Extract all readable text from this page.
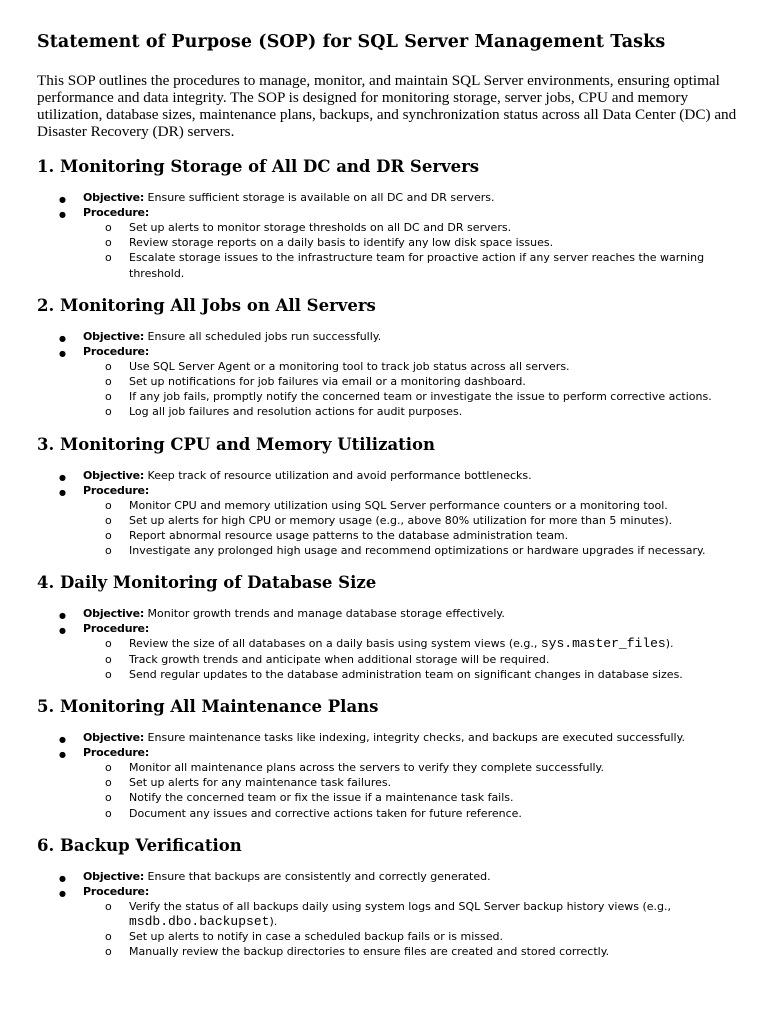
Statement of Purpose (SOP) for SQL Server Management Tasks

This SOP outlines the procedures to manage, monitor, and maintain SQL Server environments, ensuring optimal performance and data integrity. The SOP is designed for monitoring storage, server jobs, CPU and memory utilization, database sizes, maintenance plans, backups, and synchronization status across all Data Center (DC) and Disaster Recovery (DR) servers.

1. Monitoring Storage of All DC and DR Servers
● Objective: Ensure sufficient storage is available on all DC and DR servers.
● Procedure:
o Set up alerts to monitor storage thresholds on all DC and DR servers.
o Review storage reports on a daily basis to identify any low disk space issues.
o Escalate storage issues to the infrastructure team for proactive action if any server reaches the warning threshold.
2. Monitoring All Jobs on All Servers
● Objective: Ensure all scheduled jobs run successfully.
● Procedure:
o Use SQL Server Agent or a monitoring tool to track job status across all servers.
o Set up notifications for job failures via email or a monitoring dashboard.
o If any job fails, promptly notify the concerned team or investigate the issue to perform corrective actions.
o Log all job failures and resolution actions for audit purposes.
3. Monitoring CPU and Memory Utilization
● Objective: Keep track of resource utilization and avoid performance bottlenecks.
● Procedure:
o Monitor CPU and memory utilization using SQL Server performance counters or a monitoring tool.
o Set up alerts for high CPU or memory usage (e.g., above 80% utilization for more than 5 minutes).
o Report abnormal resource usage patterns to the database administration team.
o Investigate any prolonged high usage and recommend optimizations or hardware upgrades if necessary.
4. Daily Monitoring of Database Size
● Objective: Monitor growth trends and manage database storage effectively.
● Procedure:
o Review the size of all databases on a daily basis using system views (e.g., sys.master_files).
o Track growth trends and anticipate when additional storage will be required.
o Send regular updates to the database administration team on significant changes in database sizes.
5. Monitoring All Maintenance Plans
● Objective: Ensure maintenance tasks like indexing, integrity checks, and backups are executed successfully.
● Procedure:
o Monitor all maintenance plans across the servers to verify they complete successfully.
o Set up alerts for any maintenance task failures.
o Notify the concerned team or fix the issue if a maintenance task fails.
o Document any issues and corrective actions taken for future reference.
6. Backup Verification
● Objective: Ensure that backups are consistently and correctly generated.
● Procedure:
o Verify the status of all backups daily using system logs and SQL Server backup history views (e.g., msdb.dbo.backupset).
o Set up alerts to notify in case a scheduled backup fails or is missed.
o Manually review the backup directories to ensure files are created and stored correctly.
